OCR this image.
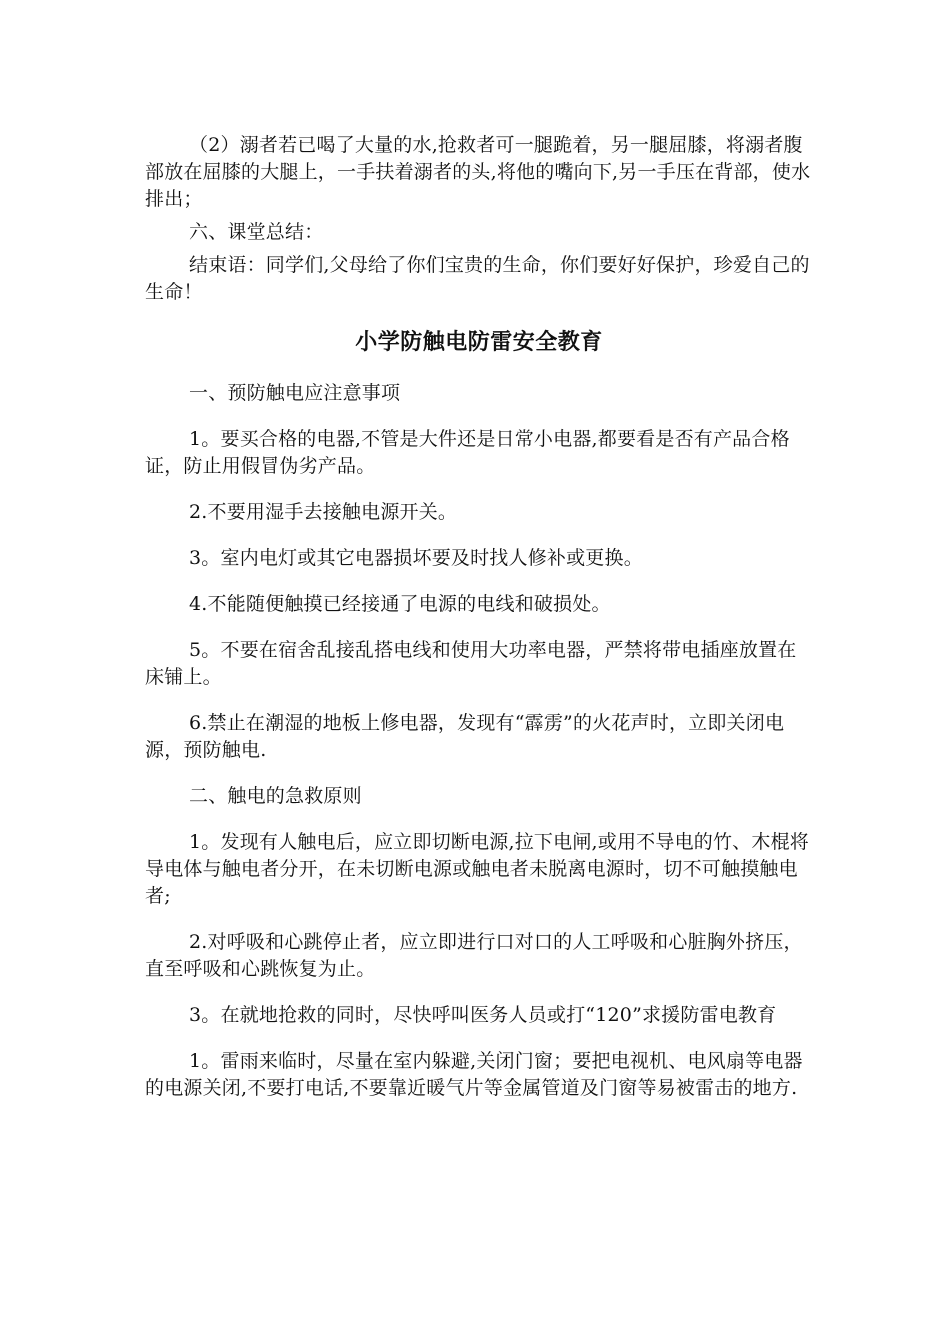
（2）溺者若已喝了大量的水,抢救者可一腿跪着，另一腿屈膝，将溺者腹部放在屈膝的大腿上，一手扶着溺者的头,将他的嘴向下,另一手压在背部，使水排出；

六、课堂总结：

结束语：同学们,父母给了你们宝贵的生命，你们要好好保护，珍爱自己的生命！

小学防触电防雷安全教育

一、预防触电应注意事项

1。要买合格的电器,不管是大件还是日常小电器,都要看是否有产品合格证，防止用假冒伪劣产品。

2.不要用湿手去接触电源开关。

3。室内电灯或其它电器损坏要及时找人修补或更换。

4.不能随便触摸已经接通了电源的电线和破损处。

5。不要在宿舍乱接乱搭电线和使用大功率电器，严禁将带电插座放置在床铺上。

6.禁止在潮湿的地板上修电器，发现有“霹雳”的火花声时，立即关闭电源，预防触电.

二、触电的急救原则

1。发现有人触电后，应立即切断电源,拉下电闸,或用不导电的竹、木棍将导电体与触电者分开，在未切断电源或触电者未脱离电源时，切不可触摸触电者;

2.对呼吸和心跳停止者，应立即进行口对口的人工呼吸和心脏胸外挤压，直至呼吸和心跳恢复为止。

3。在就地抢救的同时，尽快呼叫医务人员或打“120”求援防雷电教育

1。雷雨来临时，尽量在室内躲避,关闭门窗；要把电视机、电风扇等电器的电源关闭,不要打电话,不要靠近暖气片等金属管道及门窗等易被雷击的地方.
